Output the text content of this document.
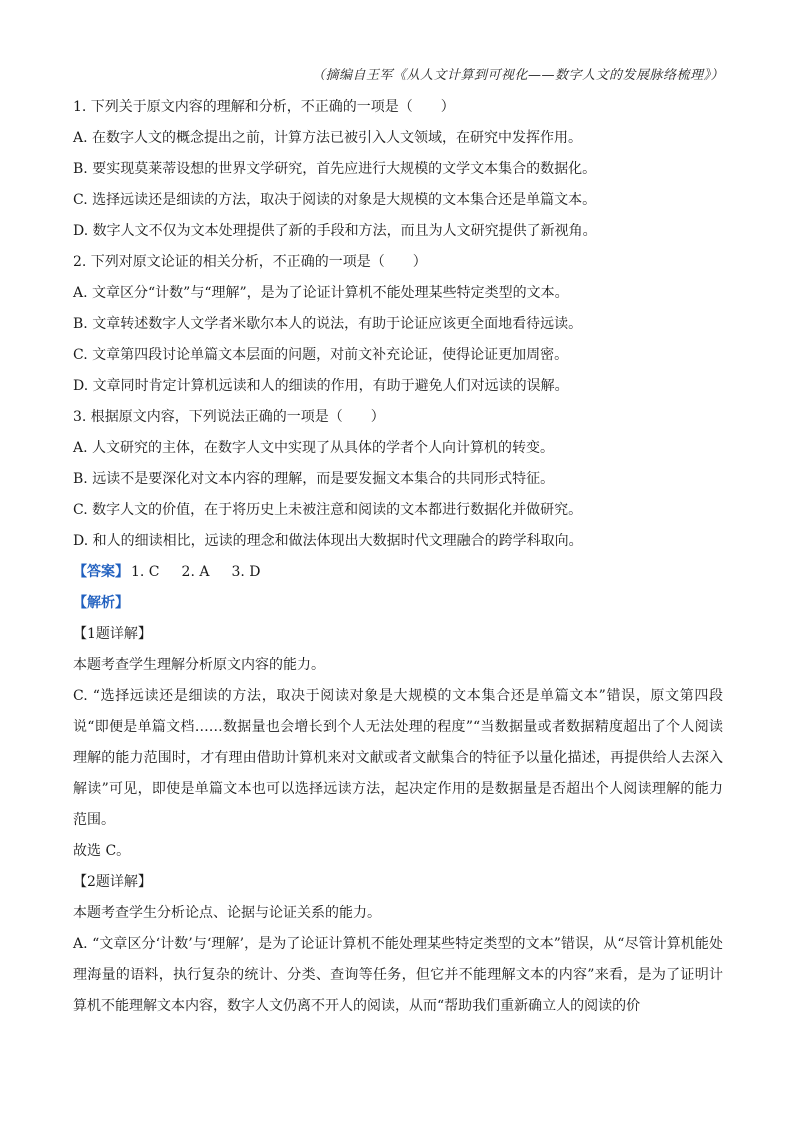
（摘编自王军《从人文计算到可视化——数字人文的发展脉络梳理》）
1. 下列关于原文内容的理解和分析，不正确的一项是（　　）
A. 在数字人文的概念提出之前，计算方法已被引入人文领域，在研究中发挥作用。
B. 要实现莫莱蒂设想的世界文学研究，首先应进行大规模的文学文本集合的数据化。
C. 选择远读还是细读的方法，取决于阅读的对象是大规模的文本集合还是单篇文本。
D. 数字人文不仅为文本处理提供了新的手段和方法，而且为人文研究提供了新视角。
2. 下列对原文论证的相关分析，不正确的一项是（　　）
A. 文章区分“计数”与“理解”，是为了论证计算机不能处理某些特定类型的文本。
B. 文章转述数字人文学者米歇尔本人的说法，有助于论证应该更全面地看待远读。
C. 文章第四段讨论单篇文本层面的问题，对前文补充论证，使得论证更加周密。
D. 文章同时肯定计算机远读和人的细读的作用，有助于避免人们对远读的误解。
3. 根据原文内容，下列说法正确的一项是（　　）
A. 人文研究的主体，在数字人文中实现了从具体的学者个人向计算机的转变。
B. 远读不是要深化对文本内容的理解，而是要发掘文本集合的共同形式特征。
C. 数字人文的价值，在于将历史上未被注意和阅读的文本都进行数据化并做研究。
D. 和人的细读相比，远读的理念和做法体现出大数据时代文理融合的跨学科取向。
【答案】 1. C 2. A 3. D
【解析】
【1题详解】
本题考查学生理解分析原文内容的能力。

C. “选择远读还是细读的方法，取决于阅读对象是大规模的文本集合还是单篇文本”错误，原文第四段说“即便是单篇文档……数据量也会增长到个人无法处理的程度”“当数据量或者数据精度超出了个人阅读理解的能力范围时，才有理由借助计算机来对文献或者文献集合的特征予以量化描述，再提供给人去深入解读”可见，即使是单篇文本也可以选择远读方法，起决定作用的是数据量是否超出个人阅读理解的能力范围。

故选 C。
【2题详解】
本题考查学生分析论点、论据与论证关系的能力。

A. “文章区分‘计数’与‘理解’，是为了论证计算机不能处理某些特定类型的文本”错误，从“尽管计算机能处理海量的语料，执行复杂的统计、分类、查询等任务，但它并不能理解文本的内容”来看，是为了证明计算机不能理解文本内容，数字人文仍离不开人的阅读，从而“帮助我们重新确立人的阅读的价
